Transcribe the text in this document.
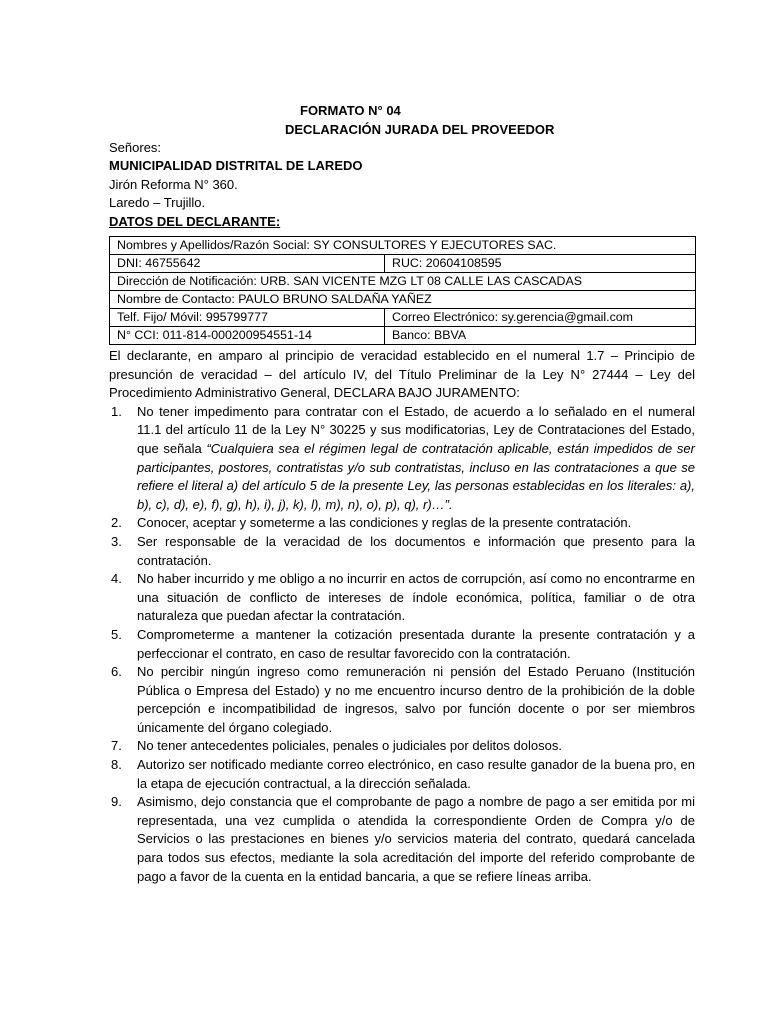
FORMATO N° 04
DECLARACIÓN JURADA DEL PROVEEDOR
Señores:
MUNICIPALIDAD DISTRITAL DE LAREDO
Jirón Reforma N° 360.
Laredo – Trujillo.
DATOS DEL DECLARANTE:
Nombres y Apellidos/Razón Social: SY CONSULTORES Y EJECUTORES SAC.	
DNI: 46755642	RUC: 20604108595
Dirección de Notificación: URB. SAN VICENTE MZG LT 08 CALLE LAS CASCADAS	
Nombre de Contacto: PAULO BRUNO SALDAÑA YAÑEZ	
Telf. Fijo/ Móvil: 995799777	Correo Electrónico: sy.gerencia@gmail.com
N° CCI: 011-814-000200954551-14	Banco: BBVA

El declarante, en amparo al principio de veracidad establecido en el numeral 1.7 – Principio de presunción de veracidad – del artículo IV, del Título Preliminar de la Ley N° 27444 – Ley del Procedimiento Administrativo General, DECLARA BAJO JURAMENTO:

1. No tener impedimento para contratar con el Estado, de acuerdo a lo señalado en el numeral 11.1 del artículo 11 de la Ley N° 30225 y sus modificatorias, Ley de Contrataciones del Estado, que señala “Cualquiera sea el régimen legal de contratación aplicable, están impedidos de ser participantes, postores, contratistas y/o sub contratistas, incluso en las contrataciones a que se refiere el literal a) del artículo 5 de la presente Ley, las personas establecidas en los literales: a), b), c), d), e), f), g), h), i), j), k), l), m), n), o), p), q), r)…”.
2. Conocer, aceptar y someterme a las condiciones y reglas de la presente contratación.
3. Ser responsable de la veracidad de los documentos e información que presento para la contratación.
4. No haber incurrido y me obligo a no incurrir en actos de corrupción, así como no encontrarme en una situación de conflicto de intereses de índole económica, política, familiar o de otra naturaleza que puedan afectar la contratación.
5. Comprometerme a mantener la cotización presentada durante la presente contratación y a perfeccionar el contrato, en caso de resultar favorecido con la contratación.
6. No percibir ningún ingreso como remuneración ni pensión del Estado Peruano (Institución Pública o Empresa del Estado) y no me encuentro incurso dentro de la prohibición de la doble percepción e incompatibilidad de ingresos, salvo por función docente o por ser miembros únicamente del órgano colegiado.
7. No tener antecedentes policiales, penales o judiciales por delitos dolosos.
8. Autorizo ser notificado mediante correo electrónico, en caso resulte ganador de la buena pro, en la etapa de ejecución contractual, a la dirección señalada.
9. Asimismo, dejo constancia que el comprobante de pago a nombre de pago a ser emitida por mi representada, una vez cumplida o atendida la correspondiente Orden de Compra y/o de Servicios o las prestaciones en bienes y/o servicios materia del contrato, quedará cancelada para todos sus efectos, mediante la sola acreditación del importe del referido comprobante de pago a favor de la cuenta en la entidad bancaria, a que se refiere líneas arriba.
